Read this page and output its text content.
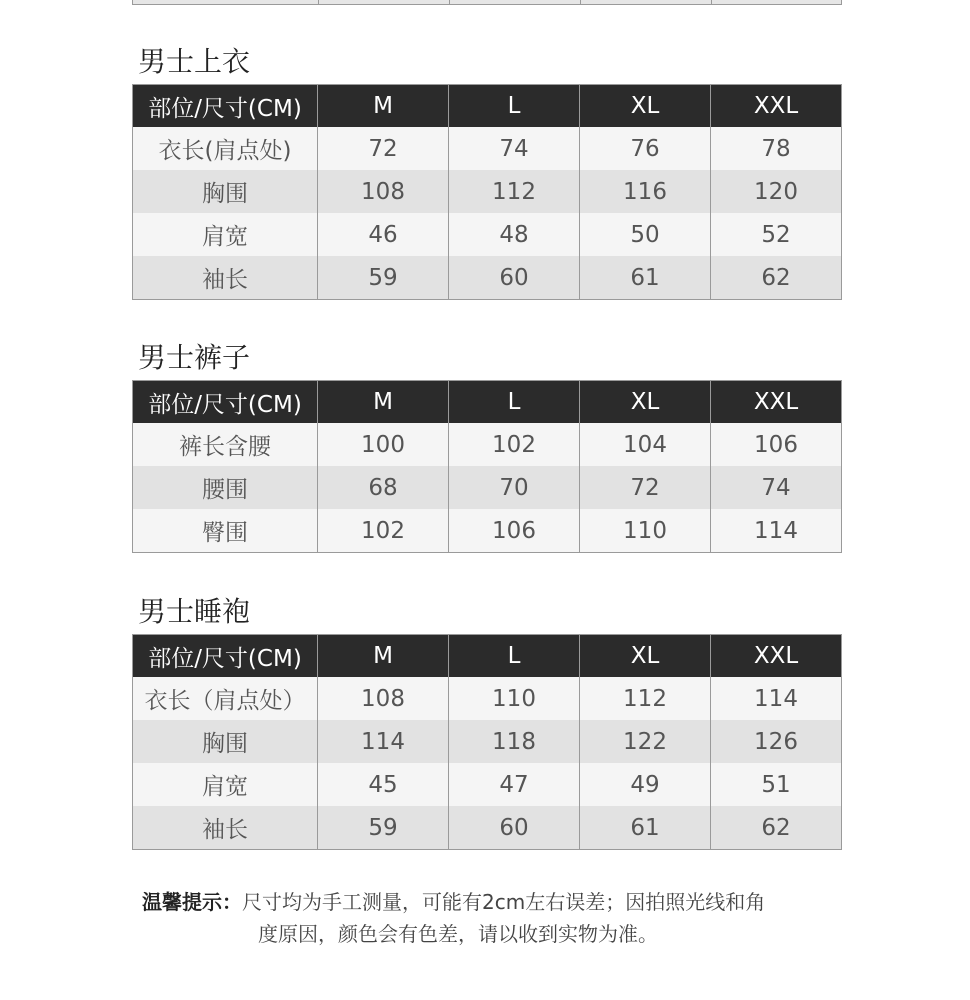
男士上衣
部位/尺寸(CM)	M	L	XL	XXL
衣长(肩点处)	72	74	76	78
胸围	108	112	116	120
肩宽	46	48	50	52
袖长	59	60	61	62
男士裤子
部位/尺寸(CM)	M	L	XL	XXL
裤长含腰	100	102	104	106
腰围	68	70	72	74
臀围	102	106	110	114
男士睡袍
部位/尺寸(CM)	M	L	XL	XXL
衣长（肩点处）	108	110	112	114
胸围	114	118	122	126
肩宽	45	47	49	51
袖长	59	60	61	62
温馨提示：尺寸均为手工测量，可能有2cm左右误差；因拍照光线和角
度原因，颜色会有色差，请以收到实物为准。
